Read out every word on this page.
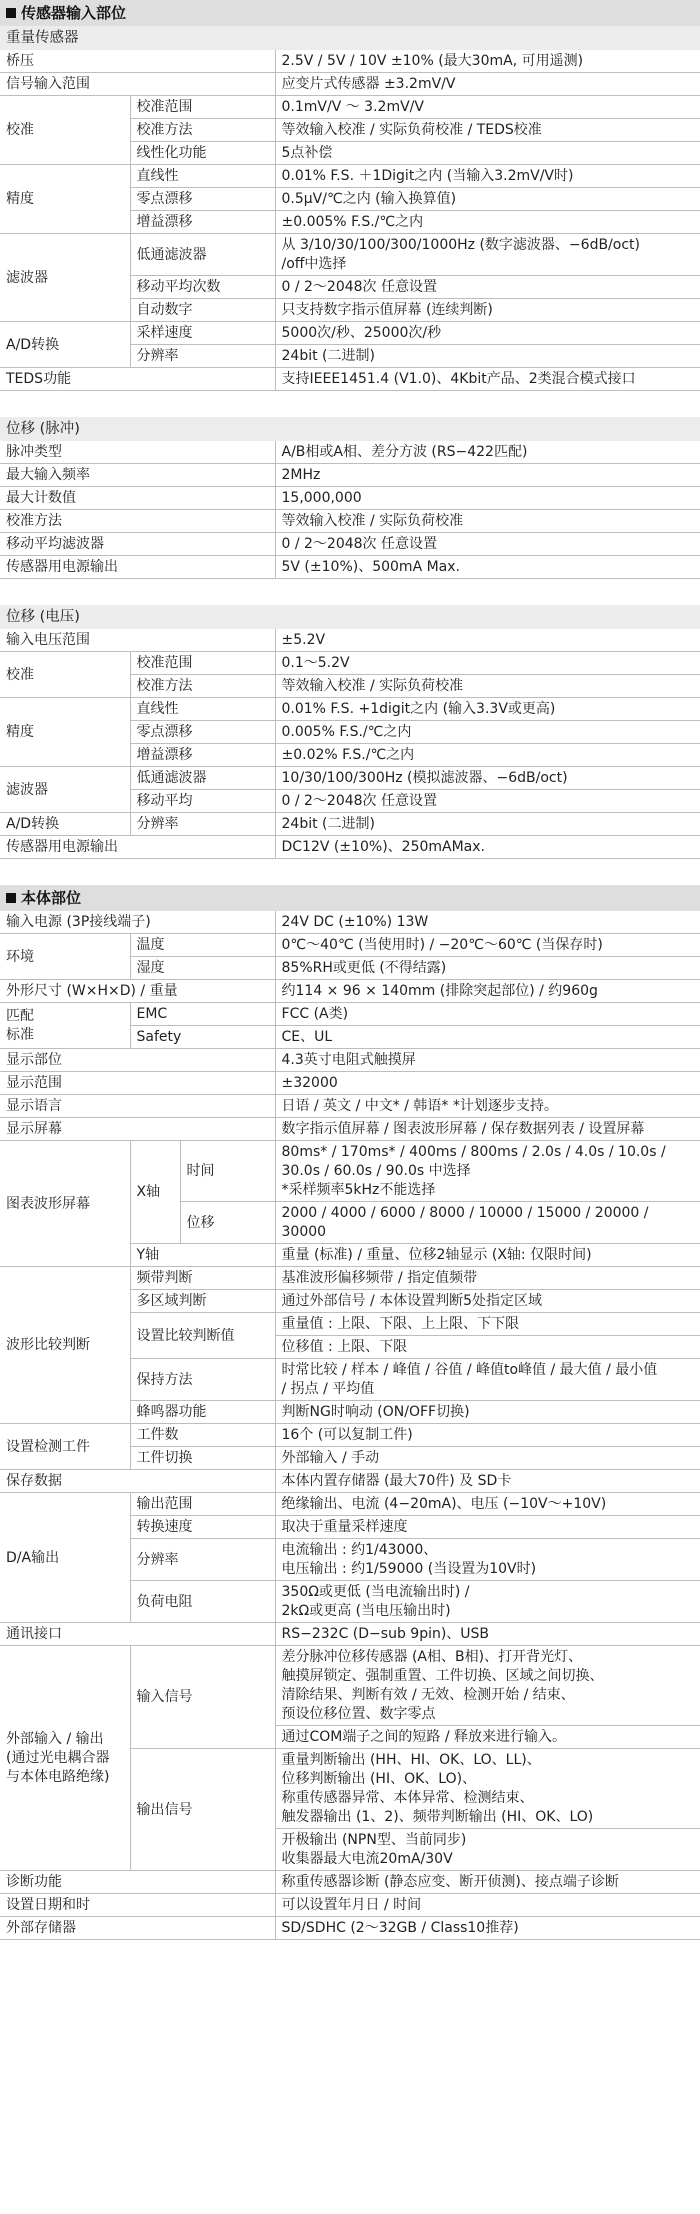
传感器输入部位
重量传感器
桥压		2.5V / 5V / 10V ±10% (最大30mA, 可用遥测)
信号输入范围		应变片式传感器 ±3.2mV/V
校准	校准范围	0.1mV/V ～ 3.2mV/V
	校准方法	等效输入校准 / 实际负荷校准 / TEDS校准
	线性化功能	5点补偿
精度	直线性	0.01% F.S. ＋1Digit之内 (当输入3.2mV/V时)
	零点漂移	0.5μV/℃之内 (输入换算值)
	增益漂移	±0.005% F.S./℃之内
滤波器	低通滤波器	从 3/10/30/100/300/1000Hz (数字滤波器、−6dB/oct)
/off中选择
	移动平均次数	0 / 2～2048次 任意设置
	自动数字	只支持数字指示值屏幕 (连续判断)
A/D转换	采样速度	5000次/秒、25000次/秒
	分辨率	24bit (二进制)
TEDS功能		支持IEEE1451.4 (V1.0)、4Kbit产品、2类混合模式接口
位移 (脉冲)
脉冲类型	A/B相或A相、差分方波 (RS−422匹配)
最大输入频率	2MHz
最大计数值	15,000,000
校准方法	等效输入校准 / 实际负荷校准
移动平均滤波器	0 / 2～2048次 任意设置
传感器用电源输出	5V (±10%)、500mA Max.
位移 (电压)
输入电压范围		±5.2V
校准	校准范围	0.1～5.2V
	校准方法	等效输入校准 / 实际负荷校准
精度	直线性	0.01% F.S. +1digit之内 (输入3.3V或更高)
	零点漂移	0.005% F.S./℃之内
	增益漂移	±0.02% F.S./℃之内
滤波器	低通滤波器	10/30/100/300Hz (模拟滤波器、−6dB/oct)
	移动平均	0 / 2～2048次 任意设置
A/D转换	分辨率	24bit (二进制)
传感器用电源输出		DC12V (±10%)、250mAMax.
本体部位
输入电源 (3P接线端子)			24V DC (±10%) 13W
环境	温度		0℃～40℃ (当使用时) / −20℃～60℃ (当保存时)
	湿度		85%RH或更低 (不得结露)
外形尺寸 (W×H×D) / 重量			约114 × 96 × 140mm (排除突起部位) / 约960g
匹配
标准	EMC		FCC (A类)
	Safety		CE、UL
显示部位			4.3英寸电阻式触摸屏
显示范围			±32000
显示语言			日语 / 英文 / 中文* / 韩语* *计划逐步支持。
显示屏幕			数字指示值屏幕 / 图表波形屏幕 / 保存数据列表 / 设置屏幕
图表波形屏幕	X轴	时间	80ms* / 170ms* / 400ms / 800ms / 2.0s / 4.0s / 10.0s /
30.0s / 60.0s / 90.0s 中选择
*采样频率5kHz不能选择
		位移	2000 / 4000 / 6000 / 8000 / 10000 / 15000 / 20000 /
30000
	Y轴		重量 (标准) / 重量、位移2轴显示 (X轴: 仅限时间)
波形比较判断	频带判断		基准波形偏移频带 / 指定值频带
	多区域判断		通过外部信号 / 本体设置判断5处指定区域
	设置比较判断值		重量值 : 上限、下限、上上限、下下限
			位移值 : 上限、下限
	保持方法		时常比较 / 样本 / 峰值 / 谷值 / 峰值to峰值 / 最大值 / 最小值
/ 拐点 / 平均值
	蜂鸣器功能		判断NG时响动 (ON/OFF切换)
设置检测工件	工件数		16个 (可以复制工件)
	工件切换		外部输入 / 手动
保存数据			本体内置存储器 (最大70件) 及 SD卡
D/A输出	输出范围		绝缘输出、电流 (4−20mA)、电压 (−10V～+10V)
	转换速度		取决于重量采样速度
	分辨率		电流输出 : 约1/43000、
电压输出 : 约1/59000 (当设置为10V时)
	负荷电阻		350Ω或更低 (当电流输出时) /
2kΩ或更高 (当电压输出时)
通讯接口			RS−232C (D−sub 9pin)、USB
外部输入 / 输出
(通过光电耦合器
与本体电路绝缘)	输入信号		差分脉冲位移传感器 (A相、B相)、打开背光灯、
触摸屏锁定、强制重置、工件切换、区域之间切换、
清除结果、判断有效 / 无效、检测开始 / 结束、
预设位移位置、数字零点
			通过COM端子之间的短路 / 释放来进行输入。
	输出信号		重量判断输出 (HH、HI、OK、LO、LL)、
位移判断输出 (HI、OK、LO)、
称重传感器异常、本体异常、检测结束、
触发器输出 (1、2)、频带判断输出 (HI、OK、LO)
			开极输出 (NPN型、当前同步)
收集器最大电流20mA/30V
诊断功能			称重传感器诊断 (静态应变、断开侦测)、接点端子诊断
设置日期和时			可以设置年月日 / 时间
外部存储器			SD/SDHC (2～32GB / Class10推荐)
